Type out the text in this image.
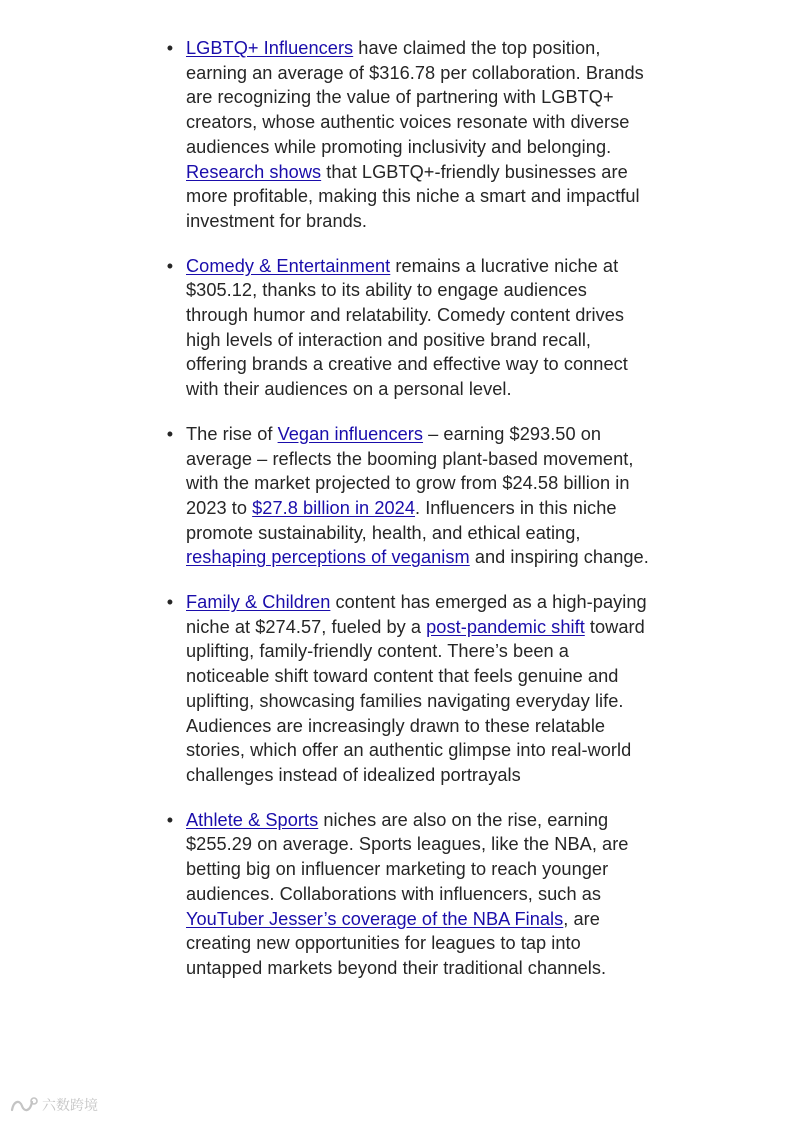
• LGBTQ+ Influencers have claimed the top position, earning an average of $316.78 per collaboration. Brands are recognizing the value of partnering with LGBTQ+ creators, whose authentic voices resonate with diverse audiences while promoting inclusivity and belonging. Research shows that LGBTQ+-friendly businesses are more profitable, making this niche a smart and impactful investment for brands.
• Comedy & Entertainment remains a lucrative niche at $305.12, thanks to its ability to engage audiences through humor and relatability. Comedy content drives high levels of interaction and positive brand recall, offering brands a creative and effective way to connect with their audiences on a personal level.
• The rise of Vegan influencers – earning $293.50 on average – reflects the booming plant-based movement, with the market projected to grow from $24.58 billion in 2023 to $27.8 billion in 2024. Influencers in this niche promote sustainability, health, and ethical eating, reshaping perceptions of veganism and inspiring change.
• Family & Children content has emerged as a high-paying niche at $274.57, fueled by a post-pandemic shift toward uplifting, family-friendly content. There’s been a noticeable shift toward content that feels genuine and uplifting, showcasing families navigating everyday life. Audiences are increasingly drawn to these relatable stories, which offer an authentic glimpse into real-world challenges instead of idealized portrayals
• Athlete & Sports niches are also on the rise, earning $255.29 on average. Sports leagues, like the NBA, are betting big on influencer marketing to reach younger audiences. Collaborations with influencers, such as YouTuber Jesser’s coverage of the NBA Finals, are creating new opportunities for leagues to tap into untapped markets beyond their traditional channels.
六数跨境
